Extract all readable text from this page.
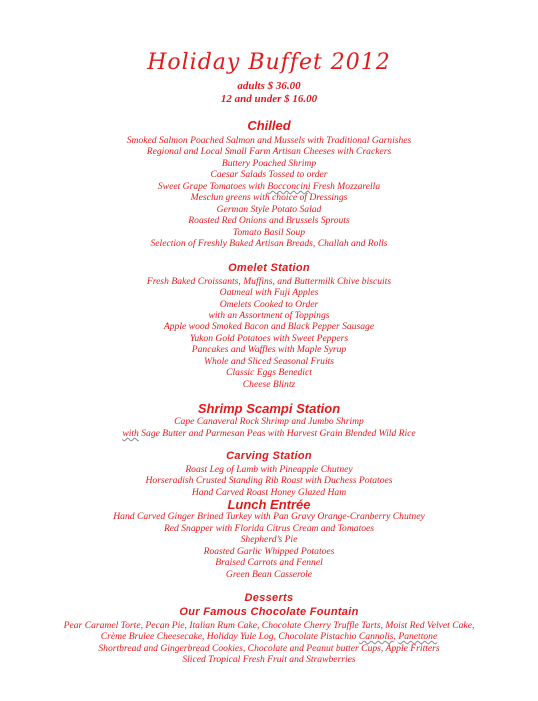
Holiday Buffet 2012
adults $ 36.00
12 and under $ 16.00
Chilled
Smoked Salmon Poached Salmon and Mussels with Traditional Garnishes
Regional and Local Small Farm Artisan Cheeses with Crackers
Buttery Poached Shrimp
Caesar Salads Tossed to order
Sweet Grape Tomatoes with Bocconcini Fresh Mozzarella
Mesclun greens with choice of Dressings
German Style Potato Salad
Roasted Red Onions and Brussels Sprouts
Tomato Basil Soup
Selection of Freshly Baked Artisan Breads, Challah and Rolls
Omelet Station
Fresh Baked Croissants, Muffins, and Buttermilk Chive biscuits
Oatmeal with Fuji Apples
Omelets Cooked to Order
with an Assortment of Toppings
Apple wood Smoked Bacon and Black Pepper Sausage
Yukon Gold Potatoes with Sweet Peppers
Pancakes and Waffles with Maple Syrup
Whole and Sliced Seasonal Fruits
Classic Eggs Benedict
Cheese Blintz
Shrimp Scampi Station
Cape Canaveral Rock Shrimp and Jumbo Shrimp
with Sage Butter and Parmesan Peas with Harvest Grain Blended Wild Rice
Carving Station
Roast Leg of Lamb with Pineapple Chutney
Horseradish Crusted Standing Rib Roast with Duchess Potatoes
Hand Carved Roast Honey Glazed Ham
Lunch Entrée
Hand Carved Ginger Brined Turkey with Pan Gravy Orange-Cranberry Chutney
Red Snapper with Florida Citrus Cream and Tomatoes
Shepherd’s Pie
Roasted Garlic Whipped Potatoes
Braised Carrots and Fennel
Green Bean Casserole
Desserts
Our Famous Chocolate Fountain
Pear Caramel Torte, Pecan Pie, Italian Rum Cake, Chocolate Cherry Truffle Tarts, Moist Red Velvet Cake,
Crème Brulee Cheesecake, Holiday Yule Log, Chocolate Pistachio Cannolis, Panettone
Shortbread and Gingerbread Cookies, Chocolate and Peanut butter Cups, Apple Fritters
Sliced Tropical Fresh Fruit and Strawberries
